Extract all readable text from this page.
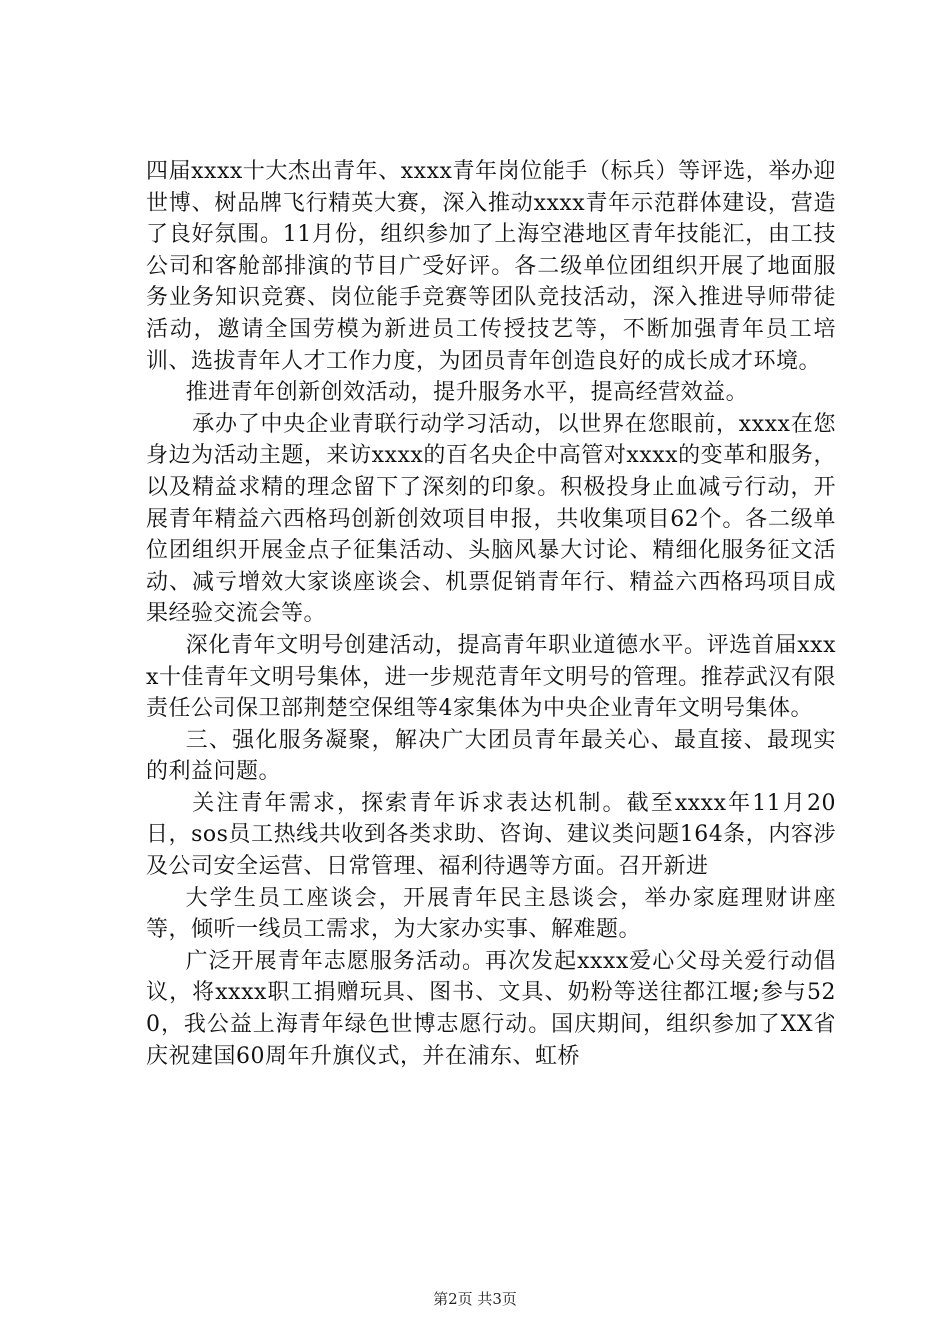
四届xxxx十大杰出青年、xxxx青年岗位能手（标兵）等评选，举办迎世博、树品牌飞行精英大赛，深入推动xxxx青年示范群体建设，营造了良好氛围。11月份，组织参加了上海空港地区青年技能汇，由工技公司和客舱部排演的节目广受好评。各二级单位团组织开展了地面服务业务知识竞赛、岗位能手竞赛等团队竞技活动，深入推进导师带徒活动，邀请全国劳模为新进员工传授技艺等，不断加强青年员工培训、选拔青年人才工作力度，为团员青年创造良好的成长成才环境。

推进青年创新创效活动，提升服务水平，提高经营效益。

承办了中央企业青联行动学习活动，以世界在您眼前，xxxx在您身边为活动主题，来访xxxx的百名央企中高管对xxxx的变革和服务，以及精益求精的理念留下了深刻的印象。积极投身止血减亏行动，开展青年精益六西格玛创新创效项目申报，共收集项目62个。各二级单位团组织开展金点子征集活动、头脑风暴大讨论、精细化服务征文活动、减亏增效大家谈座谈会、机票促销青年行、精益六西格玛项目成果经验交流会等。

深化青年文明号创建活动，提高青年职业道德水平。评选首届xxxx十佳青年文明号集体，进一步规范青年文明号的管理。推荐武汉有限责任公司保卫部荆楚空保组等4家集体为中央企业青年文明号集体。

三、强化服务凝聚，解决广大团员青年最关心、最直接、最现实的利益问题。

关注青年需求，探索青年诉求表达机制。截至xxxx年11月20日，sos员工热线共收到各类求助、咨询、建议类问题164条，内容涉及公司安全运营、日常管理、福利待遇等方面。召开新进

大学生员工座谈会，开展青年民主恳谈会，举办家庭理财讲座等，倾听一线员工需求，为大家办实事、解难题。

广泛开展青年志愿服务活动。再次发起xxxx爱心父母关爱行动倡议，将xxxx职工捐赠玩具、图书、文具、奶粉等送往都江堰;参与520，我公益上海青年绿色世博志愿行动。国庆期间，组织参加了XX省庆祝建国60周年升旗仪式，并在浦东、虹桥

第2页 共3页
